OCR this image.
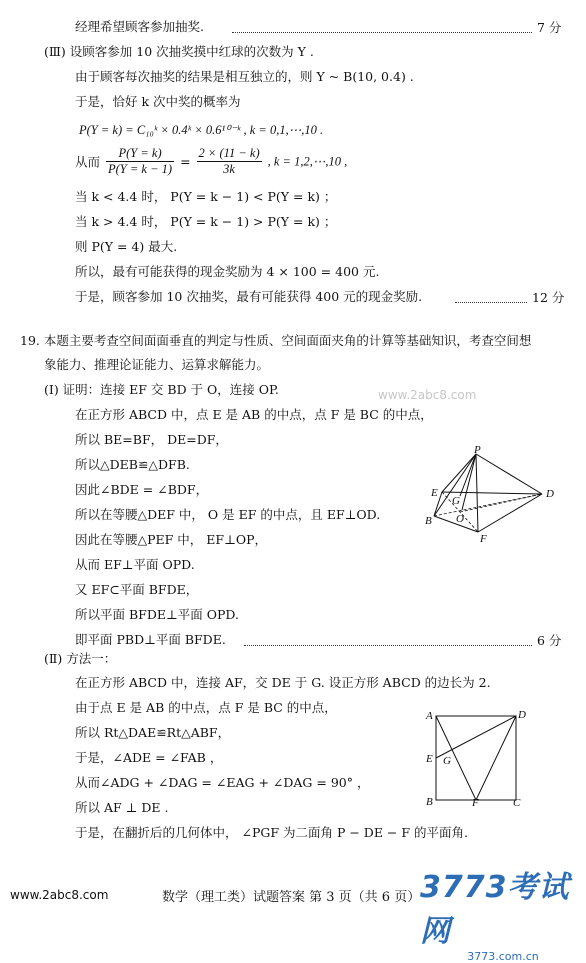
经理希望顾客参加抽奖.	7 分
(Ⅲ) 设顾客参加 10 次抽奖摸中红球的次数为 Y .
由于顾客每次抽奖的结果是相互独立的，则 Y ~ B(10, 0.4) .
于是，恰好 k 次中奖的概率为
P(Y = k) = C₁₀ᵏ × 0.4ᵏ × 0.6¹⁰⁻ᵏ , k = 0,1,⋯,10 .
从而 $\frac{P(Y = k)}{P(Y = k - 1)} = \frac{2 \times (11 - k)}{3k}$ , k = 1,2,⋯,10 ,
当 k < 4.4 时， P(Y = k − 1) < P(Y = k) ；
当 k > 4.4 时， P(Y = k − 1) > P(Y = k) ；
则 P(Y = 4) 最大.
所以，最有可能获得的现金奖励为 4 × 100 = 400 元.
于是，顾客参加 10 次抽奖，最有可能获得 400 元的现金奖励.	12 分
19. 本题主要考查空间面面垂直的判定与性质、空间面面夹角的计算等基础知识，考查空间想
象能力、推理论证能力、运算求解能力。
www.2abc8.com
(Ⅰ) 证明：连接 EF 交 BD 于 O，连接 OP.
在正方形 ABCD 中，点 E 是 AB 的中点，点 F 是 BC 的中点，
所以 BE=BF， DE=DF，
所以△DEB≌△DFB.
因此∠BDE = ∠BDF，
所以在等腰△DEF 中， O 是 EF 的中点，且 EF⊥OD.
因此在等腰△PEF 中， EF⊥OP，
从而 EF⊥平面 OPD.
又 EF⊂平面 BFDE，
所以平面 BFDE⊥平面 OPD.
即平面 PBD⊥平面 BFDE.	6 分
P
E
G
D
B O
F
(Ⅱ) 方法一：
在正方形 ABCD 中，连接 AF，交 DE 于 G. 设正方形 ABCD 的边长为 2.
由于点 E 是 AB 的中点，点 F 是 BC 的中点，
所以 Rt△DAE≌Rt△ABF，
于是，∠ADE = ∠FAB ，
从而∠ADG + ∠DAG = ∠EAG + ∠DAG = 90° ，
所以 AF ⊥ DE .
于是，在翻折后的几何体中， ∠PGF 为二面角 P − DE − F 的平面角.
A	D
E G
B	F	C
www.2abc8.com	数学（理工类）试题答案 第 3 页（共 6 页） 3773考试网
3773.com.cn
